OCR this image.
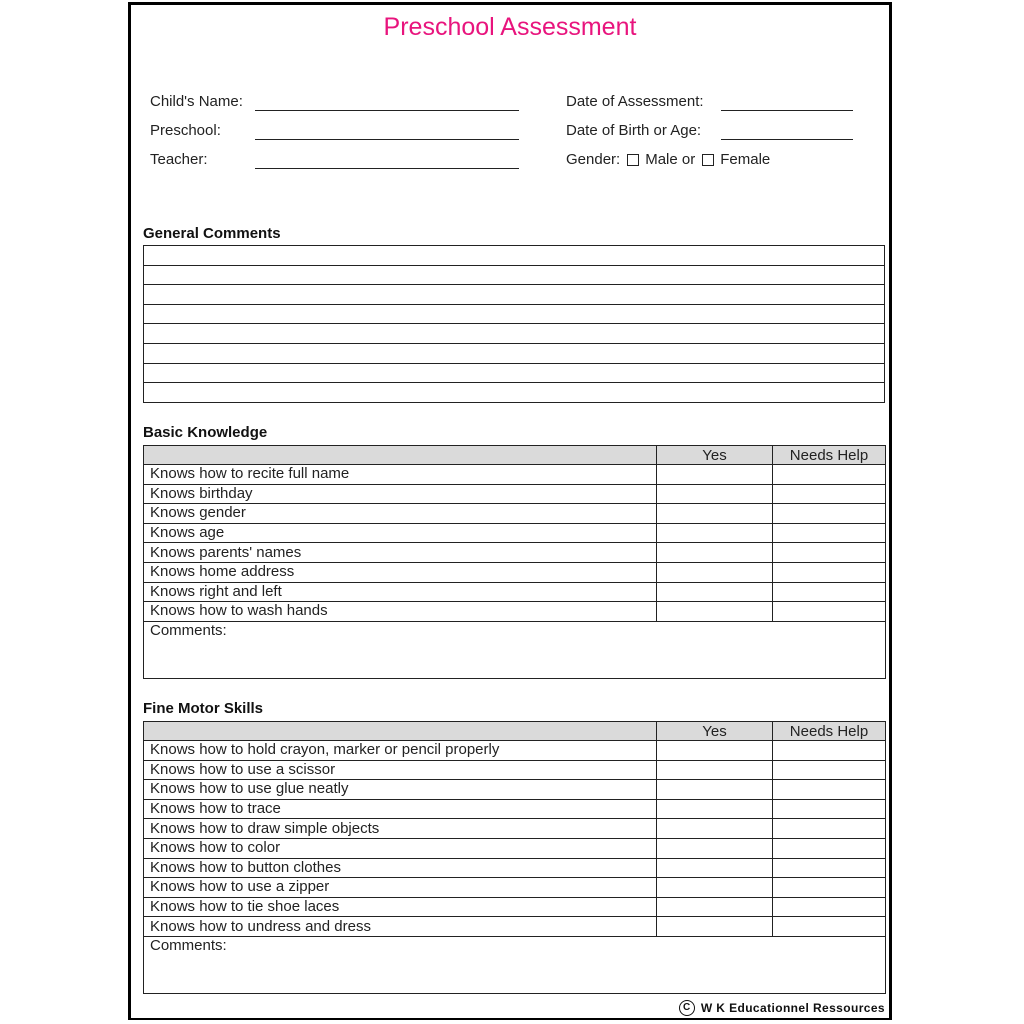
Preschool Assessment
Child's Name:
Preschool:
Teacher:
Date of Assessment:
Date of Birth or Age:
Gender: Male or Female
General Comments

Basic Knowledge
	Yes	Needs Help
Knows how to recite full name		
Knows birthday		
Knows gender		
Knows age		
Knows parents' names		
Knows home address		
Knows right and left		
Knows how to wash hands		
Comments:		
Fine Motor Skills
	Yes	Needs Help
Knows how to hold crayon, marker or pencil properly		
Knows how to use a scissor		
Knows how to use glue neatly		
Knows how to trace		
Knows how to draw simple objects		
Knows how to color		
Knows how to button clothes		
Knows how to use a zipper		
Knows how to tie shoe laces		
Knows how to undress and dress		
Comments:		
C W K Educationnel Ressources
